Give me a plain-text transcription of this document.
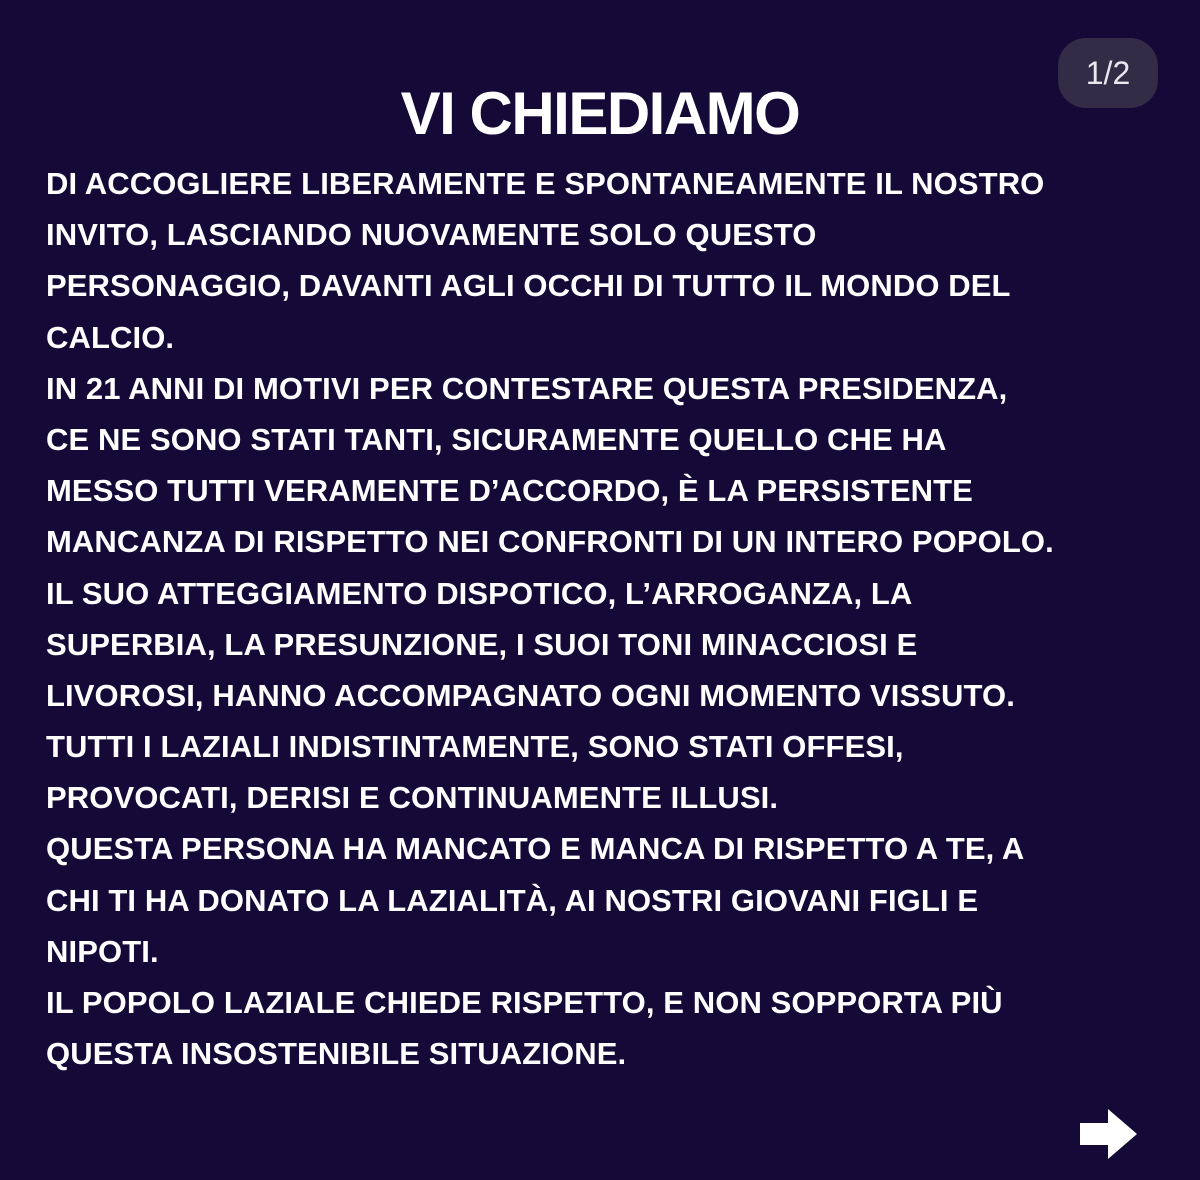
1/2
VI CHIEDIAMO
DI ACCOGLIERE LIBERAMENTE E SPONTANEAMENTE IL NOSTRO
INVITO, LASCIANDO NUOVAMENTE SOLO QUESTO
PERSONAGGIO, DAVANTI AGLI OCCHI DI TUTTO IL MONDO DEL
CALCIO.
IN 21 ANNI DI MOTIVI PER CONTESTARE QUESTA PRESIDENZA,
CE NE SONO STATI TANTI, SICURAMENTE QUELLO CHE HA
MESSO TUTTI VERAMENTE D’ACCORDO, È LA PERSISTENTE
MANCANZA DI RISPETTO NEI CONFRONTI DI UN INTERO POPOLO.
IL SUO ATTEGGIAMENTO DISPOTICO, L’ARROGANZA, LA
SUPERBIA, LA PRESUNZIONE, I SUOI TONI MINACCIOSI E
LIVOROSI, HANNO ACCOMPAGNATO OGNI MOMENTO VISSUTO.
TUTTI I LAZIALI INDISTINTAMENTE, SONO STATI OFFESI,
PROVOCATI, DERISI E CONTINUAMENTE ILLUSI.
QUESTA PERSONA HA MANCATO E MANCA DI RISPETTO A TE, A
CHI TI HA DONATO LA LAZIALITÀ, AI NOSTRI GIOVANI FIGLI E
NIPOTI.
IL POPOLO LAZIALE CHIEDE RISPETTO, E NON SOPPORTA PIÙ
QUESTA INSOSTENIBILE SITUAZIONE.
